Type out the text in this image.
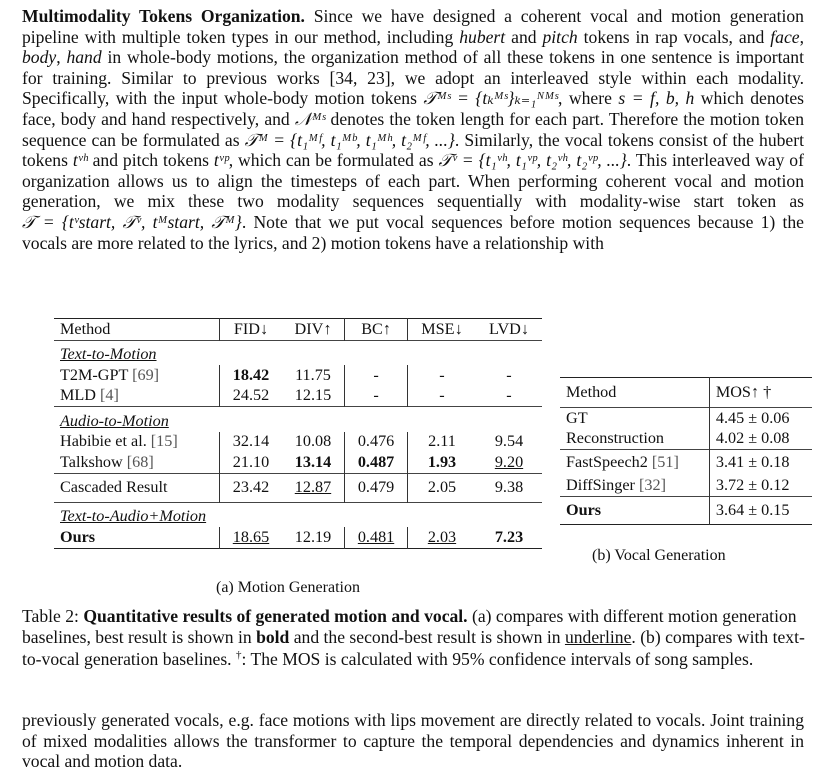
Multimodality Tokens Organization. Since we have designed a coherent vocal and motion generation pipeline with multiple token types in our method, including hubert and pitch tokens in rap vocals, and face, body, hand in whole-body motions, the organization method of all these tokens in one sentence is important for training. Similar to previous works [34, 23], we adopt an interleaved style within each modality. Specifically, with the input whole-body motion tokens 𝒯ᴹˢ = {tₖᴹˢ}ₖ₌₁ᴺᴹˢ, where s = f, b, h which denotes face, body and hand respectively, and 𝒩ᴹˢ denotes the token length for each part. Therefore the motion token sequence can be formulated as 𝒯ᴹ = {t₁ᴹᶠ, t₁ᴹᵇ, t₁ᴹʰ, t₂ᴹᶠ, ...}. Similarly, the vocal tokens consist of the hubert tokens tᵛʰ and pitch tokens tᵛᵖ, which can be formulated as 𝒯ᵛ = {t₁ᵛʰ, t₁ᵛᵖ, t₂ᵛʰ, t₂ᵛᵖ, ...}. This interleaved way of organization allows us to align the timesteps of each part. When performing coherent vocal and motion generation, we mix these two modality sequences sequentially with modality-wise start token as 𝒯 = {tᵛstart, 𝒯ᵛ, tᴹstart, 𝒯ᴹ}. Note that we put vocal sequences before motion sequences because 1) the vocals are more related to the lyrics, and 2) motion tokens have a relationship with

Method	FID↓	DIV↑	BC↑	MSE↓	LVD↓
Text-to-Motion					
T2M-GPT [69]	18.42	11.75	-	-	-
MLD [4]	24.52	12.15	-	-	-
Audio-to-Motion					
Habibie et al. [15]	32.14	10.08	0.476	2.11	9.54
Talkshow [68]	21.10	13.14	0.487	1.93	9.20
Cascaded Result	23.42	12.87	0.479	2.05	9.38
Text-to-Audio+Motion					
Ours	18.65	12.19	0.481	2.03	7.23
(a) Motion Generation
Method	MOS↑ †
GT	4.45 ± 0.06
Reconstruction	4.02 ± 0.08
FastSpeech2 [51]	3.41 ± 0.18
DiffSinger [32]	3.72 ± 0.12
Ours	3.64 ± 0.15
(b) Vocal Generation
Table 2: Quantitative results of generated motion and vocal. (a) compares with different motion generation baselines, best result is shown in bold and the second-best result is shown in underline. (b) compares with text-to-vocal generation baselines. †: The MOS is calculated with 95% confidence intervals of song samples.

previously generated vocals, e.g. face motions with lips movement are directly related to vocals. Joint training of mixed modalities allows the transformer to capture the temporal dependencies and dynamics inherent in vocal and motion data.
